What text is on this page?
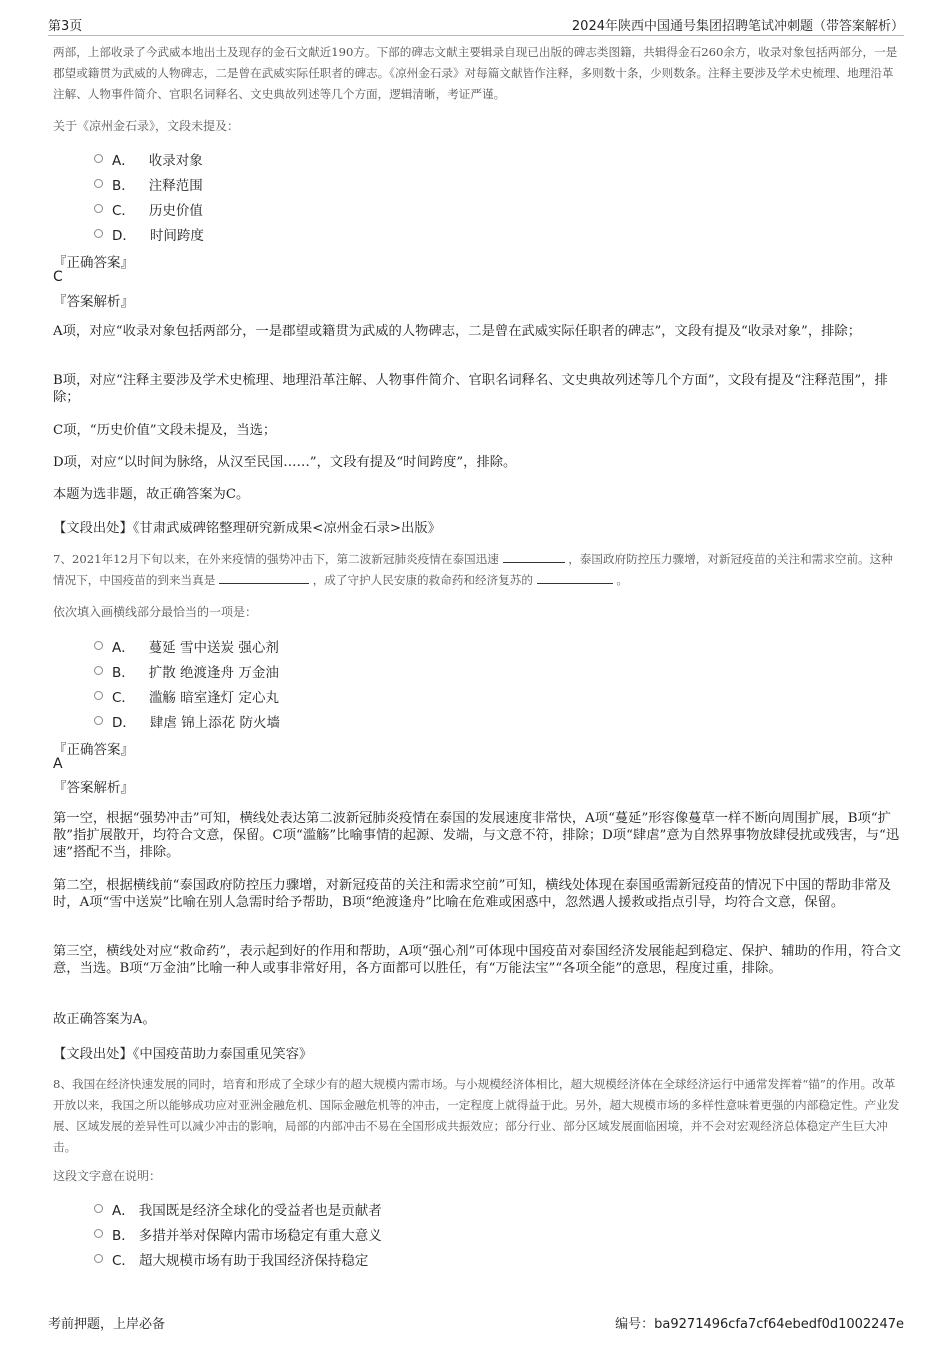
第3页	2024年陕西中国通号集团招聘笔试冲刺题（带答案解析）

两部，上部收录了今武威本地出土及现存的金石文献近190方。下部的碑志文献主要辑录自现已出版的碑志类图籍，共辑得金石260余方，收录对象包括两部分，一是郡望或籍贯为武威的人物碑志，二是曾在武威实际任职者的碑志。《凉州金石录》对每篇文献皆作注释，多则数十条，少则数条。注释主要涉及学术史梳理、地理沿革注解、人物事件简介、官职名词释名、文史典故列述等几个方面，逻辑清晰，考证严谨。

关于《凉州金石录》，文段未提及：
A． 收录对象
B． 注释范围
C． 历史价值
D． 时间跨度
『正确答案』
C
『答案解析』

A项，对应“收录对象包括两部分，一是郡望或籍贯为武威的人物碑志，二是曾在武威实际任职者的碑志”，文段有提及“收录对象”，排除；

B项，对应“注释主要涉及学术史梳理、地理沿革注解、人物事件简介、官职名词释名、文史典故列述等几个方面”，文段有提及“注释范围”，排除；

C项，“历史价值”文段未提及，当选；

D项，对应“以时间为脉络，从汉至民国……”，文段有提及“时间跨度”，排除。

本题为选非题，故正确答案为C。

【文段出处】《甘肃武威碑铭整理研究新成果<凉州金石录>出版》

7、2021年12月下旬以来，在外来疫情的强势冲击下，第二波新冠肺炎疫情在泰国迅速	，泰国政府防控压力骤增，对新冠疫苗的关注和需求空前。这种情况下，中国疫苗的到来当真是	，成了守护人民安康的救命药和经济复苏的	。

依次填入画横线部分最恰当的一项是：
A． 蔓延 雪中送炭 强心剂
B． 扩散 绝渡逢舟 万金油
C． 滥觞 暗室逢灯 定心丸
D． 肆虐 锦上添花 防火墙
『正确答案』
A
『答案解析』

第一空，根据“强势冲击”可知，横线处表达第二波新冠肺炎疫情在泰国的发展速度非常快，A项“蔓延”形容像蔓草一样不断向周围扩展，B项“扩散”指扩展散开，均符合文意，保留。C项“滥觞”比喻事情的起源、发端，与文意不符，排除；D项“肆虐”意为自然界事物放肆侵扰或残害，与“迅速”搭配不当，排除。

第二空，根据横线前“泰国政府防控压力骤增，对新冠疫苗的关注和需求空前”可知，横线处体现在泰国亟需新冠疫苗的情况下中国的帮助非常及时，A项“雪中送炭”比喻在别人急需时给予帮助，B项“绝渡逢舟”比喻在危难或困惑中，忽然遇人援救或指点引导，均符合文意，保留。

第三空，横线处对应“救命药”，表示起到好的作用和帮助，A项“强心剂”可体现中国疫苗对泰国经济发展能起到稳定、保护、辅助的作用，符合文意，当选。B项“万金油”比喻一种人或事非常好用，各方面都可以胜任，有“万能法宝”“各项全能”的意思，程度过重，排除。

故正确答案为A。

【文段出处】《中国疫苗助力泰国重见笑容》

8、我国在经济快速发展的同时，培育和形成了全球少有的超大规模内需市场。与小规模经济体相比，超大规模经济体在全球经济运行中通常发挥着“锚”的作用。改革开放以来，我国之所以能够成功应对亚洲金融危机、国际金融危机等的冲击，一定程度上就得益于此。另外，超大规模市场的多样性意味着更强的内部稳定性。产业发展、区域发展的差异性可以减少冲击的影响，局部的内部冲击不易在全国形成共振效应；部分行业、部分区域发展面临困境，并不会对宏观经济总体稳定产生巨大冲击。

这段文字意在说明：
A． 我国既是经济全球化的受益者也是贡献者
B． 多措并举对保障内需市场稳定有重大意义
C． 超大规模市场有助于我国经济保持稳定
考前押题，上岸必备	编号：ba9271496cfa7cf64ebedf0d1002247e
